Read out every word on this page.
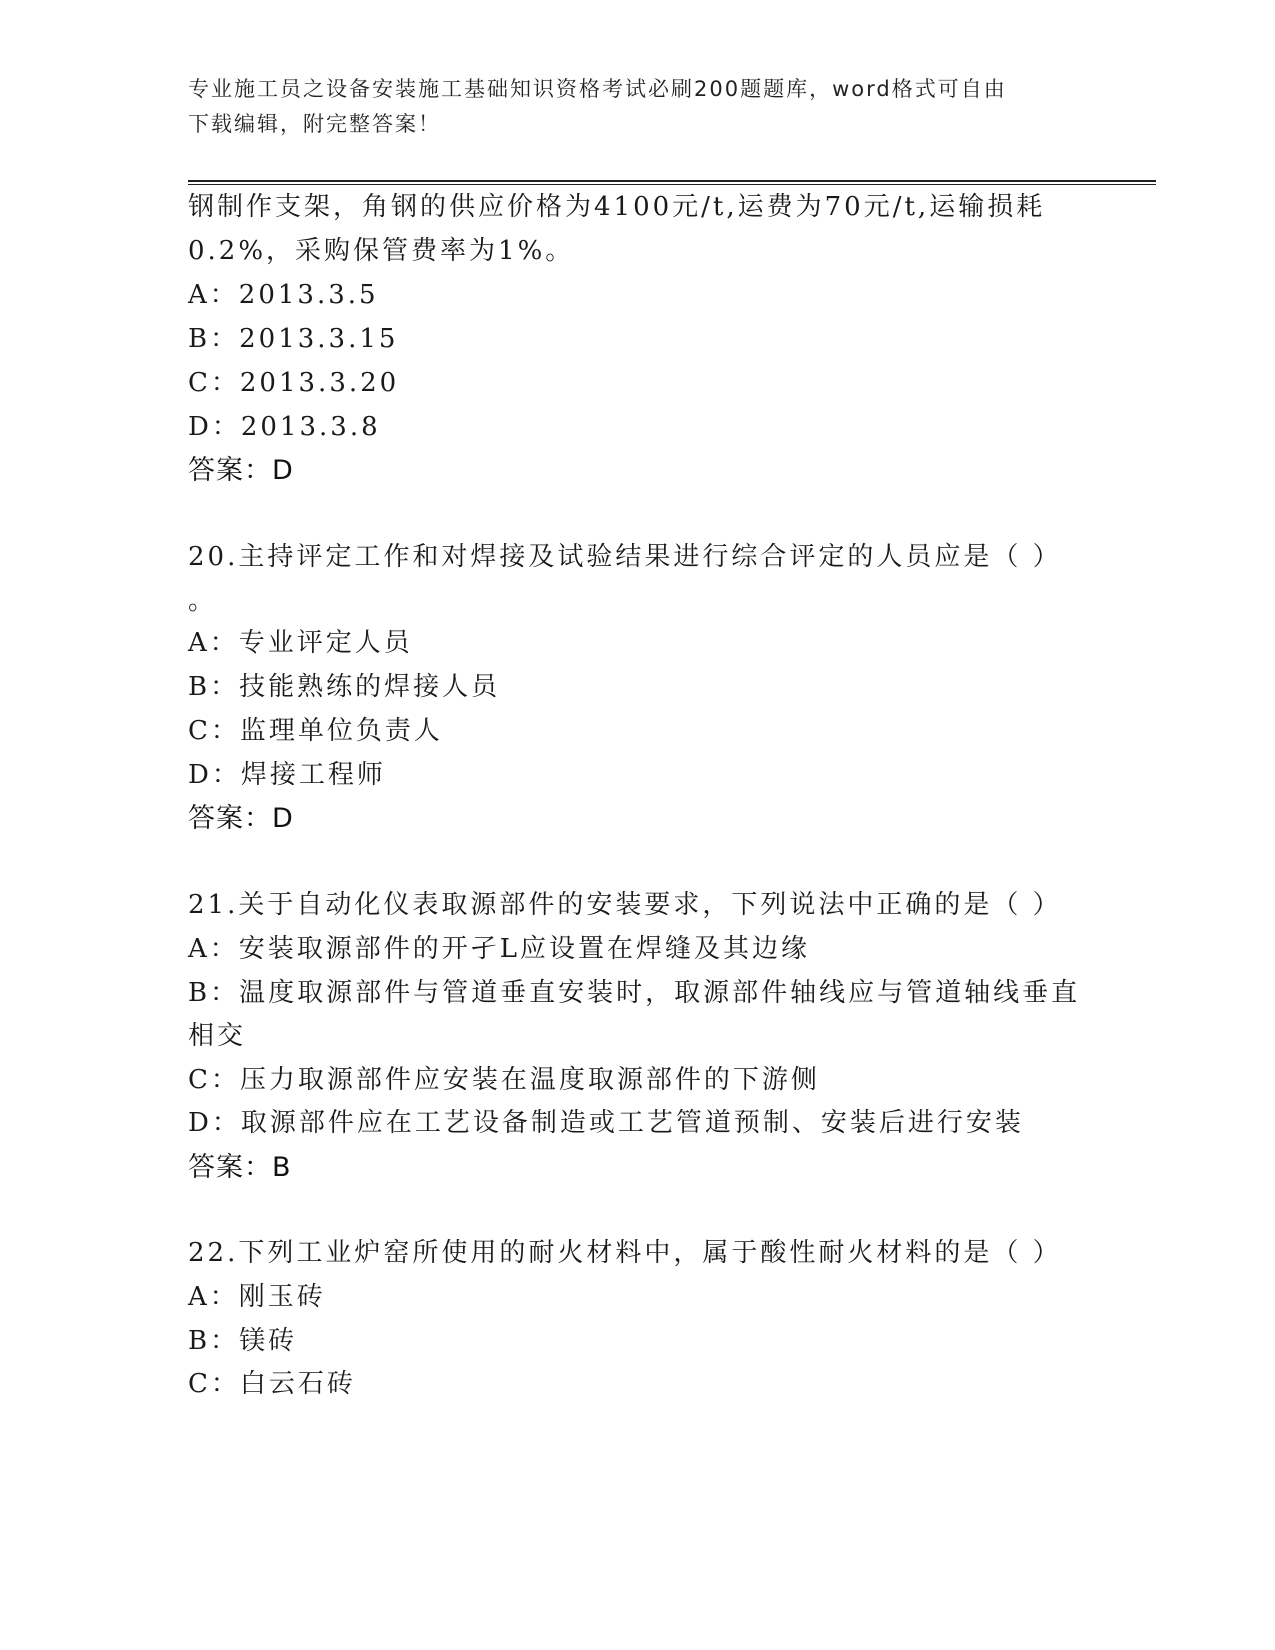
专业施工员之设备安装施工基础知识资格考试必刷200题题库，word格式可自由
下载编辑，附完整答案！
钢制作支架，角钢的供应价格为4100元/t,运费为70元/t,运输损耗
0.2%，采购保管费率为1%。
A：2013.3.5
B：2013.3.15
C：2013.3.20
D：2013.3.8
答案：D
20.主持评定工作和对焊接及试验结果进行综合评定的人员应是（ ）
。
A：专业评定人员
B：技能熟练的焊接人员
C：监理单位负责人
D：焊接工程师
答案：D
21.关于自动化仪表取源部件的安装要求，下列说法中正确的是（ ）
A：安装取源部件的开孑L应设置在焊缝及其边缘
B：温度取源部件与管道垂直安装时，取源部件轴线应与管道轴线垂直
相交
C：压力取源部件应安装在温度取源部件的下游侧
D：取源部件应在工艺设备制造或工艺管道预制、安装后进行安装
答案：B
22.下列工业炉窑所使用的耐火材料中，属于酸性耐火材料的是（ ）
A：刚玉砖
B：镁砖
C：白云石砖
